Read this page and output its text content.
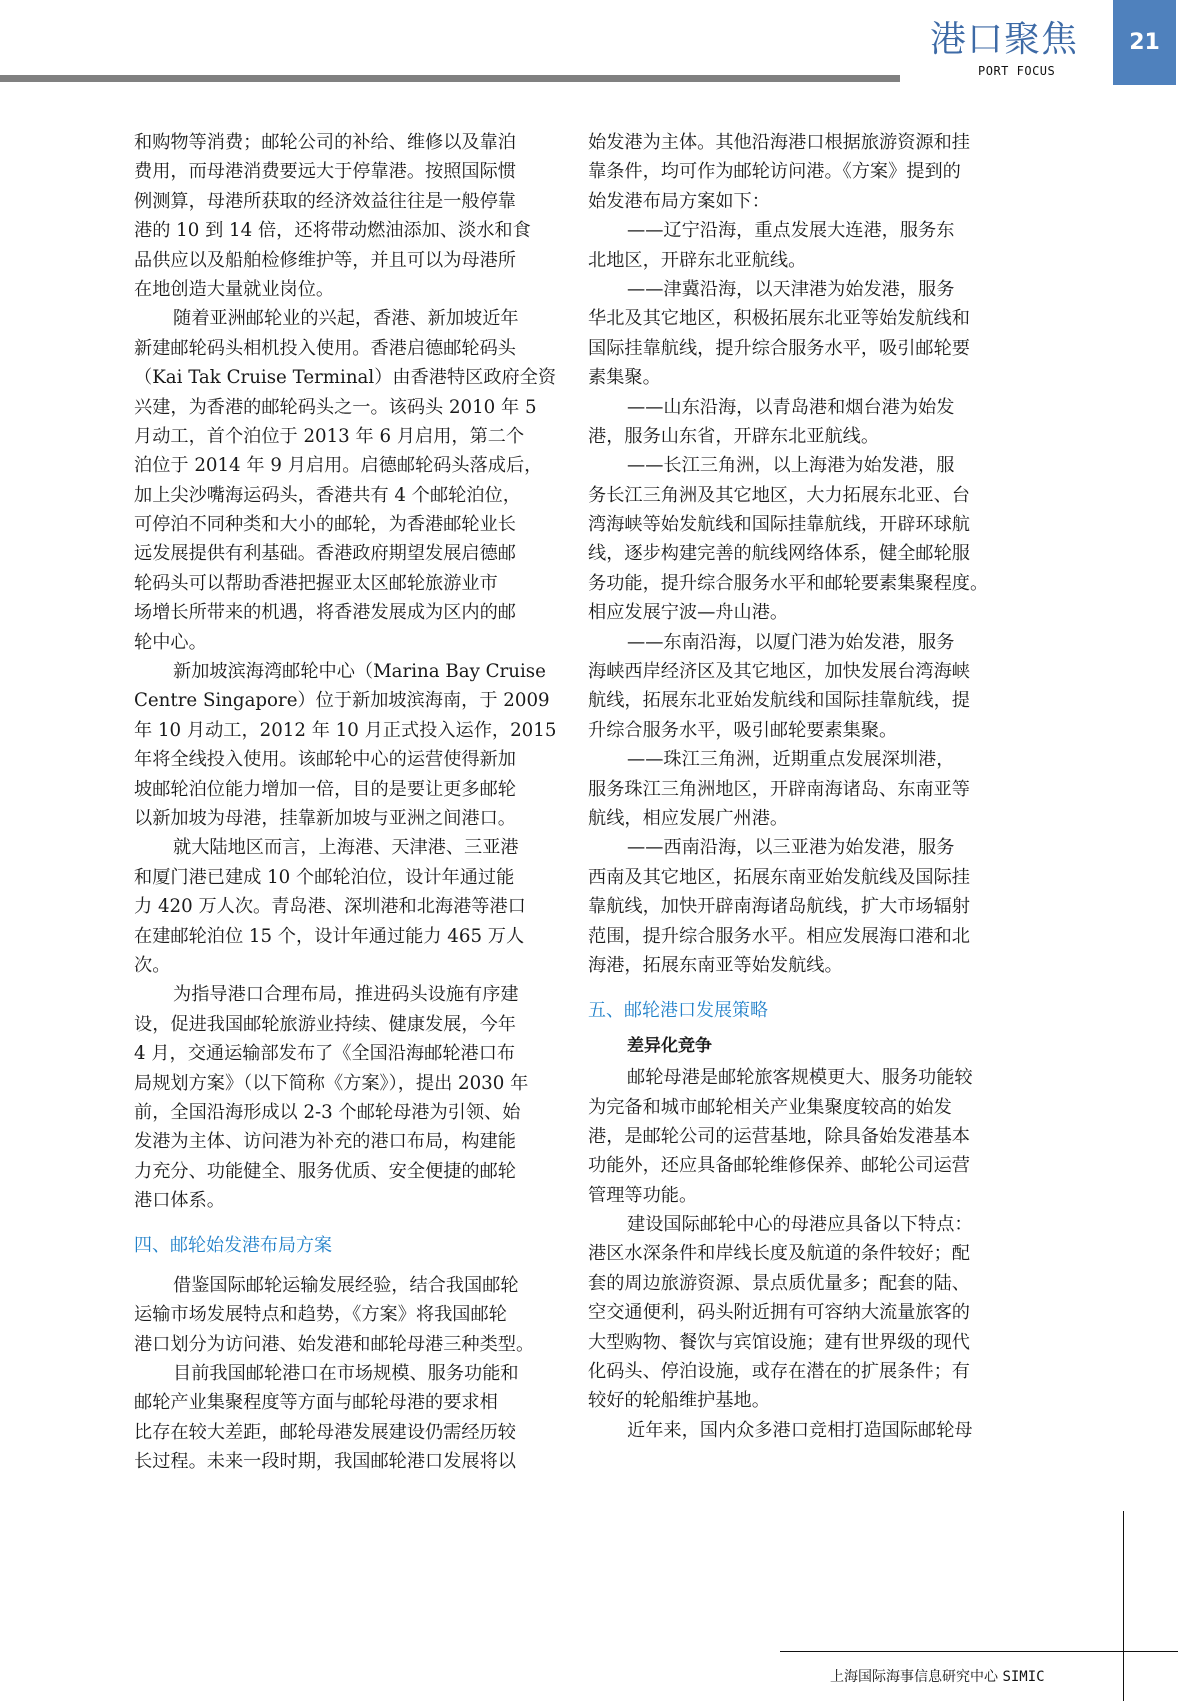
港口聚焦
PORT FOCUS
21
和购物等消费；邮轮公司的补给、维修以及靠泊
费用，而母港消费要远大于停靠港。按照国际惯
例测算，母港所获取的经济效益往往是一般停靠
港的 10 到 14 倍，还将带动燃油添加、淡水和食
品供应以及船舶检修维护等，并且可以为母港所
在地创造大量就业岗位。
随着亚洲邮轮业的兴起，香港、新加坡近年
新建邮轮码头相机投入使用。香港启德邮轮码头
（Kai Tak Cruise Terminal）由香港特区政府全资
兴建，为香港的邮轮码头之一。该码头 2010 年 5
月动工，首个泊位于 2013 年 6 月启用，第二个
泊位于 2014 年 9 月启用。启德邮轮码头落成后，
加上尖沙嘴海运码头，香港共有 4 个邮轮泊位，
可停泊不同种类和大小的邮轮，为香港邮轮业长
远发展提供有利基础。香港政府期望发展启德邮
轮码头可以帮助香港把握亚太区邮轮旅游业市
场增长所带来的机遇，将香港发展成为区内的邮
轮中心。
新加坡滨海湾邮轮中心（Marina Bay Cruise
Centre Singapore）位于新加坡滨海南，于 2009
年 10 月动工，2012 年 10 月正式投入运作，2015
年将全线投入使用。该邮轮中心的运营使得新加
坡邮轮泊位能力增加一倍，目的是要让更多邮轮
以新加坡为母港，挂靠新加坡与亚洲之间港口。
就大陆地区而言，上海港、天津港、三亚港
和厦门港已建成 10 个邮轮泊位，设计年通过能
力 420 万人次。青岛港、深圳港和北海港等港口
在建邮轮泊位 15 个，设计年通过能力 465 万人
次。
为指导港口合理布局，推进码头设施有序建
设，促进我国邮轮旅游业持续、健康发展，今年
4 月，交通运输部发布了《全国沿海邮轮港口布
局规划方案》（以下简称《方案》），提出 2030 年
前，全国沿海形成以 2-3 个邮轮母港为引领、始
发港为主体、访问港为补充的港口布局，构建能
力充分、功能健全、服务优质、安全便捷的邮轮
港口体系。
四、邮轮始发港布局方案
借鉴国际邮轮运输发展经验，结合我国邮轮
运输市场发展特点和趋势，《方案》将我国邮轮
港口划分为访问港、始发港和邮轮母港三种类型。
目前我国邮轮港口在市场规模、服务功能和
邮轮产业集聚程度等方面与邮轮母港的要求相
比存在较大差距，邮轮母港发展建设仍需经历较
长过程。未来一段时期，我国邮轮港口发展将以
始发港为主体。其他沿海港口根据旅游资源和挂
靠条件，均可作为邮轮访问港。《方案》提到的
始发港布局方案如下：
——辽宁沿海，重点发展大连港，服务东
北地区，开辟东北亚航线。
——津冀沿海，以天津港为始发港，服务
华北及其它地区，积极拓展东北亚等始发航线和
国际挂靠航线，提升综合服务水平，吸引邮轮要
素集聚。
——山东沿海，以青岛港和烟台港为始发
港，服务山东省，开辟东北亚航线。
——长江三角洲，以上海港为始发港，服
务长江三角洲及其它地区，大力拓展东北亚、台
湾海峡等始发航线和国际挂靠航线，开辟环球航
线，逐步构建完善的航线网络体系，健全邮轮服
务功能，提升综合服务水平和邮轮要素集聚程度。
相应发展宁波—舟山港。
——东南沿海，以厦门港为始发港，服务
海峡西岸经济区及其它地区，加快发展台湾海峡
航线，拓展东北亚始发航线和国际挂靠航线，提
升综合服务水平，吸引邮轮要素集聚。
——珠江三角洲，近期重点发展深圳港，
服务珠江三角洲地区，开辟南海诸岛、东南亚等
航线，相应发展广州港。
——西南沿海，以三亚港为始发港，服务
西南及其它地区，拓展东南亚始发航线及国际挂
靠航线，加快开辟南海诸岛航线，扩大市场辐射
范围，提升综合服务水平。相应发展海口港和北
海港，拓展东南亚等始发航线。
五、邮轮港口发展策略
差异化竞争
邮轮母港是邮轮旅客规模更大、服务功能较
为完备和城市邮轮相关产业集聚度较高的始发
港，是邮轮公司的运营基地，除具备始发港基本
功能外，还应具备邮轮维修保养、邮轮公司运营
管理等功能。
建设国际邮轮中心的母港应具备以下特点：
港区水深条件和岸线长度及航道的条件较好；配
套的周边旅游资源、景点质优量多；配套的陆、
空交通便利，码头附近拥有可容纳大流量旅客的
大型购物、餐饮与宾馆设施；建有世界级的现代
化码头、停泊设施，或存在潜在的扩展条件；有
较好的轮船维护基地。
近年来，国内众多港口竞相打造国际邮轮母
上海国际海事信息研究中心 SIMIC
